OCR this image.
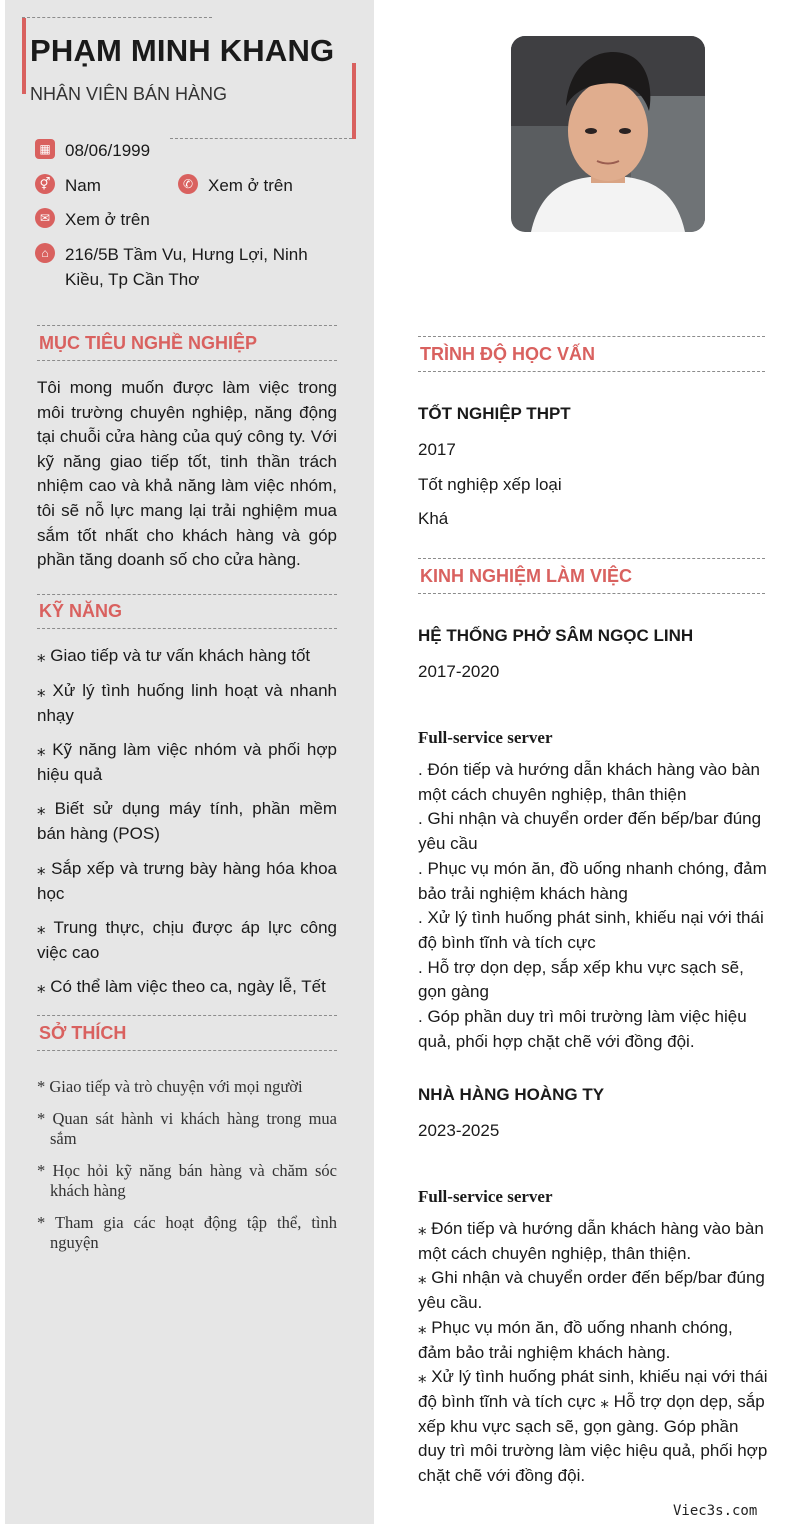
PHẠM MINH KHANG
NHÂN VIÊN BÁN HÀNG
▦ 08/06/1999
⚥ Nam	✆ Xem ở trên
✉ Xem ở trên
⌂ 216/5B Tầm Vu, Hưng Lợi, Ninh
Kiều, Tp Cần Thơ
MỤC TIÊU NGHỀ NGHIỆP
Tôi mong muốn được làm việc trong môi trường chuyên nghiệp, năng động tại chuỗi cửa hàng của quý công ty. Với kỹ năng giao tiếp tốt, tinh thần trách nhiệm cao và khả năng làm việc nhóm, tôi sẽ nỗ lực mang lại trải nghiệm mua sắm tốt nhất cho khách hàng và góp phần tăng doanh số cho cửa hàng.
KỸ NĂNG
⁎ Giao tiếp và tư vấn khách hàng tốt
⁎ Xử lý tình huống linh hoạt và nhanh nhạy
⁎ Kỹ năng làm việc nhóm và phối hợp hiệu quả
⁎ Biết sử dụng máy tính, phần mềm bán hàng (POS)
⁎ Sắp xếp và trưng bày hàng hóa khoa học
⁎ Trung thực, chịu được áp lực công việc cao
⁎ Có thể làm việc theo ca, ngày lễ, Tết
SỞ THÍCH
* Giao tiếp và trò chuyện với mọi người
* Quan sát hành vi khách hàng trong mua sắm
* Học hỏi kỹ năng bán hàng và chăm sóc khách hàng
* Tham gia các hoạt động tập thể, tình nguyện
TRÌNH ĐỘ HỌC VẤN
TỐT NGHIỆP THPT
2017
Tốt nghiệp xếp loại
Khá
KINH NGHIỆM LÀM VIỆC
HỆ THỐNG PHỞ SÂM NGỌC LINH
2017-2020
Full-service server
. Đón tiếp và hướng dẫn khách hàng vào bàn một cách chuyên nghiệp, thân thiện
. Ghi nhận và chuyển order đến bếp/bar đúng yêu cầu
. Phục vụ món ăn, đồ uống nhanh chóng, đảm bảo trải nghiệm khách hàng
. Xử lý tình huống phát sinh, khiếu nại với thái độ bình tĩnh và tích cực
. Hỗ trợ dọn dẹp, sắp xếp khu vực sạch sẽ, gọn gàng
. Góp phần duy trì môi trường làm việc hiệu quả, phối hợp chặt chẽ với đồng đội.
NHÀ HÀNG HOÀNG TY
2023-2025
Full-service server
⁎ Đón tiếp và hướng dẫn khách hàng vào bàn một cách chuyên nghiệp, thân thiện.
⁎ Ghi nhận và chuyển order đến bếp/bar đúng yêu cầu.
⁎ Phục vụ món ăn, đồ uống nhanh chóng, đảm bảo trải nghiệm khách hàng.
⁎ Xử lý tình huống phát sinh, khiếu nại với thái độ bình tĩnh và tích cực ⁎ Hỗ trợ dọn dẹp, sắp xếp khu vực sạch sẽ, gọn gàng. Góp phần duy trì môi trường làm việc hiệu quả, phối hợp chặt chẽ với đồng đội.
Viec3s.com
